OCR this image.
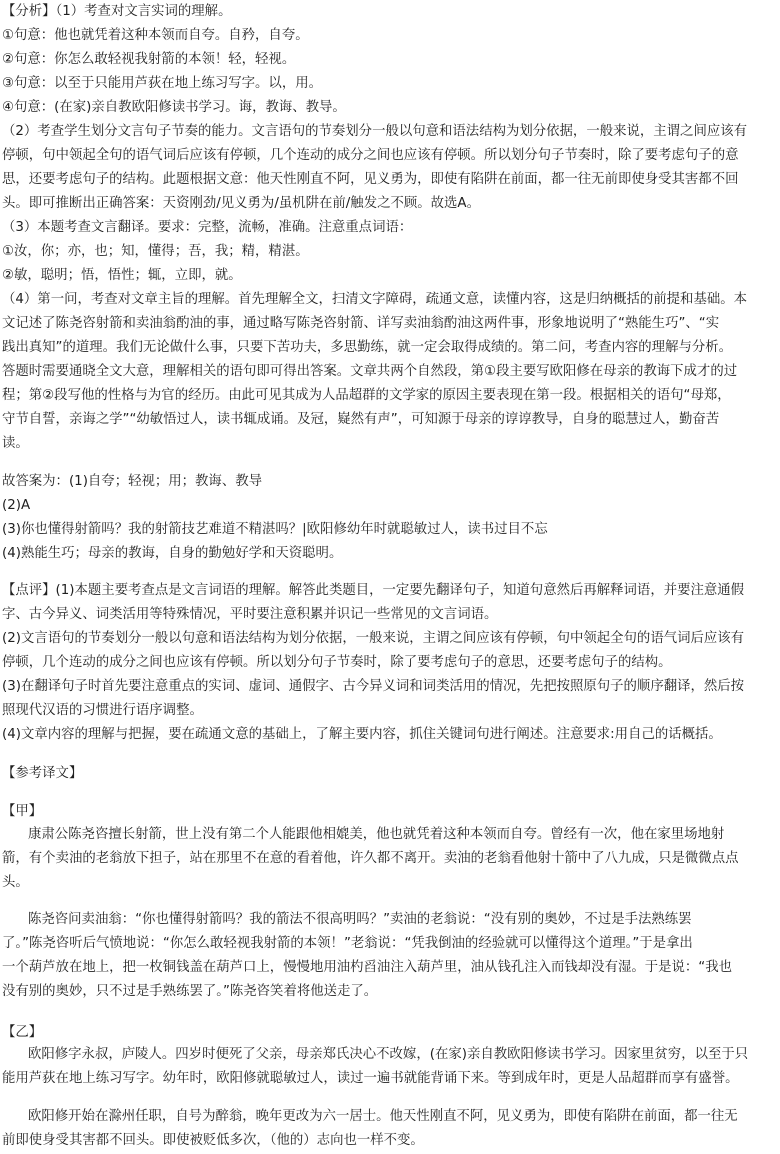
【分析】（1）考查对文言实词的理解。
①句意：他也就凭着这种本领而自夸。自矜，自夸。
②句意：你怎么敢轻视我射箭的本领！轻，轻视。
③句意：以至于只能用芦荻在地上练习写字。以，用。
④句意：(在家)亲自教欧阳修读书学习。诲，教诲、教导。
（2）考查学生划分文言句子节奏的能力。文言语句的节奏划分一般以句意和语法结构为划分依据，一般来说，主谓之间应该有
停顿，句中领起全句的语气词后应该有停顿，几个连动的成分之间也应该有停顿。所以划分句子节奏时，除了要考虑句子的意
思，还要考虑句子的结构。此题根据文意：他天性刚直不阿，见义勇为，即使有陷阱在前面，都一往无前即使身受其害都不回
头。即可推断出正确答案：天资刚劲/见义勇为/虽机阱在前/触发之不顾。故选A。
（3）本题考查文言翻译。要求：完整，流畅，准确。注意重点词语：
①汝，你；亦，也；知，懂得；吾，我；精，精湛。
②敏，聪明；悟，悟性；辄，立即，就。
（4）第一问，考查对文章主旨的理解。首先理解全文，扫清文字障碍，疏通文意，读懂内容，这是归纳概括的前提和基础。本
文记述了陈尧咨射箭和卖油翁酌油的事，通过略写陈尧咨射箭、详写卖油翁酌油这两件事，形象地说明了“熟能生巧”、“实
践出真知”的道理。我们无论做什么事，只要下苦功夫，多思勤练，就一定会取得成绩的。第二问，考查内容的理解与分析。
答题时需要通晓全文大意，理解相关的语句即可得出答案。文章共两个自然段，第①段主要写欧阳修在母亲的教诲下成才的过
程；第②段写他的性格与为官的经历。由此可见其成为人品超群的文学家的原因主要表现在第一段。根据相关的语句“母郑，
守节自誓，亲诲之学”“幼敏悟过人，读书辄成诵。及冠，嶷然有声”，可知源于母亲的谆谆教导，自身的聪慧过人，勤奋苦
读。
故答案为：(1)自夸；轻视；用；教诲、教导
(2)A
(3)你也懂得射箭吗？我的射箭技艺难道不精湛吗？|欧阳修幼年时就聪敏过人，读书过目不忘
(4)熟能生巧；母亲的教诲，自身的勤勉好学和天资聪明。
【点评】(1)本题主要考查点是文言词语的理解。解答此类题目，一定要先翻译句子，知道句意然后再解释词语，并要注意通假
字、古今异义、词类活用等特殊情况，平时要注意积累并识记一些常见的文言词语。
(2)文言语句的节奏划分一般以句意和语法结构为划分依据，一般来说，主谓之间应该有停顿，句中领起全句的语气词后应该有
停顿，几个连动的成分之间也应该有停顿。所以划分句子节奏时，除了要考虑句子的意思，还要考虑句子的结构。
(3)在翻译句子时首先要注意重点的实词、虚词、通假字、古今异义词和词类活用的情况，先把按照原句子的顺序翻译，然后按
照现代汉语的习惯进行语序调整。
(4)文章内容的理解与把握，要在疏通文意的基础上，了解主要内容，抓住关键词句进行阐述。注意要求:用自己的话概括。
【参考译文】
【甲】
康肃公陈尧咨擅长射箭，世上没有第二个人能跟他相媲美，他也就凭着这种本领而自夸。曾经有一次，他在家里场地射
箭，有个卖油的老翁放下担子，站在那里不在意的看着他，许久都不离开。卖油的老翁看他射十箭中了八九成，只是微微点点
头。
陈尧咨问卖油翁：“你也懂得射箭吗？我的箭法不很高明吗？”卖油的老翁说：“没有别的奥妙，不过是手法熟练罢
了。”陈尧咨听后气愤地说：“你怎么敢轻视我射箭的本领！”老翁说：“凭我倒油的经验就可以懂得这个道理。”于是拿出
一个葫芦放在地上，把一枚铜钱盖在葫芦口上，慢慢地用油杓舀油注入葫芦里，油从钱孔注入而钱却没有湿。于是说：“我也
没有别的奥妙，只不过是手熟练罢了。”陈尧咨笑着将他送走了。
【乙】
欧阳修字永叔，庐陵人。四岁时便死了父亲，母亲郑氏决心不改嫁，(在家)亲自教欧阳修读书学习。因家里贫穷，以至于只
能用芦荻在地上练习写字。幼年时，欧阳修就聪敏过人，读过一遍书就能背诵下来。等到成年时，更是人品超群而享有盛誉。
欧阳修开始在滁州任职，自号为醉翁，晚年更改为六一居士。他天性刚直不阿，见义勇为，即使有陷阱在前面，都一往无
前即使身受其害都不回头。即使被贬低多次，（他的）志向也一样不变。
